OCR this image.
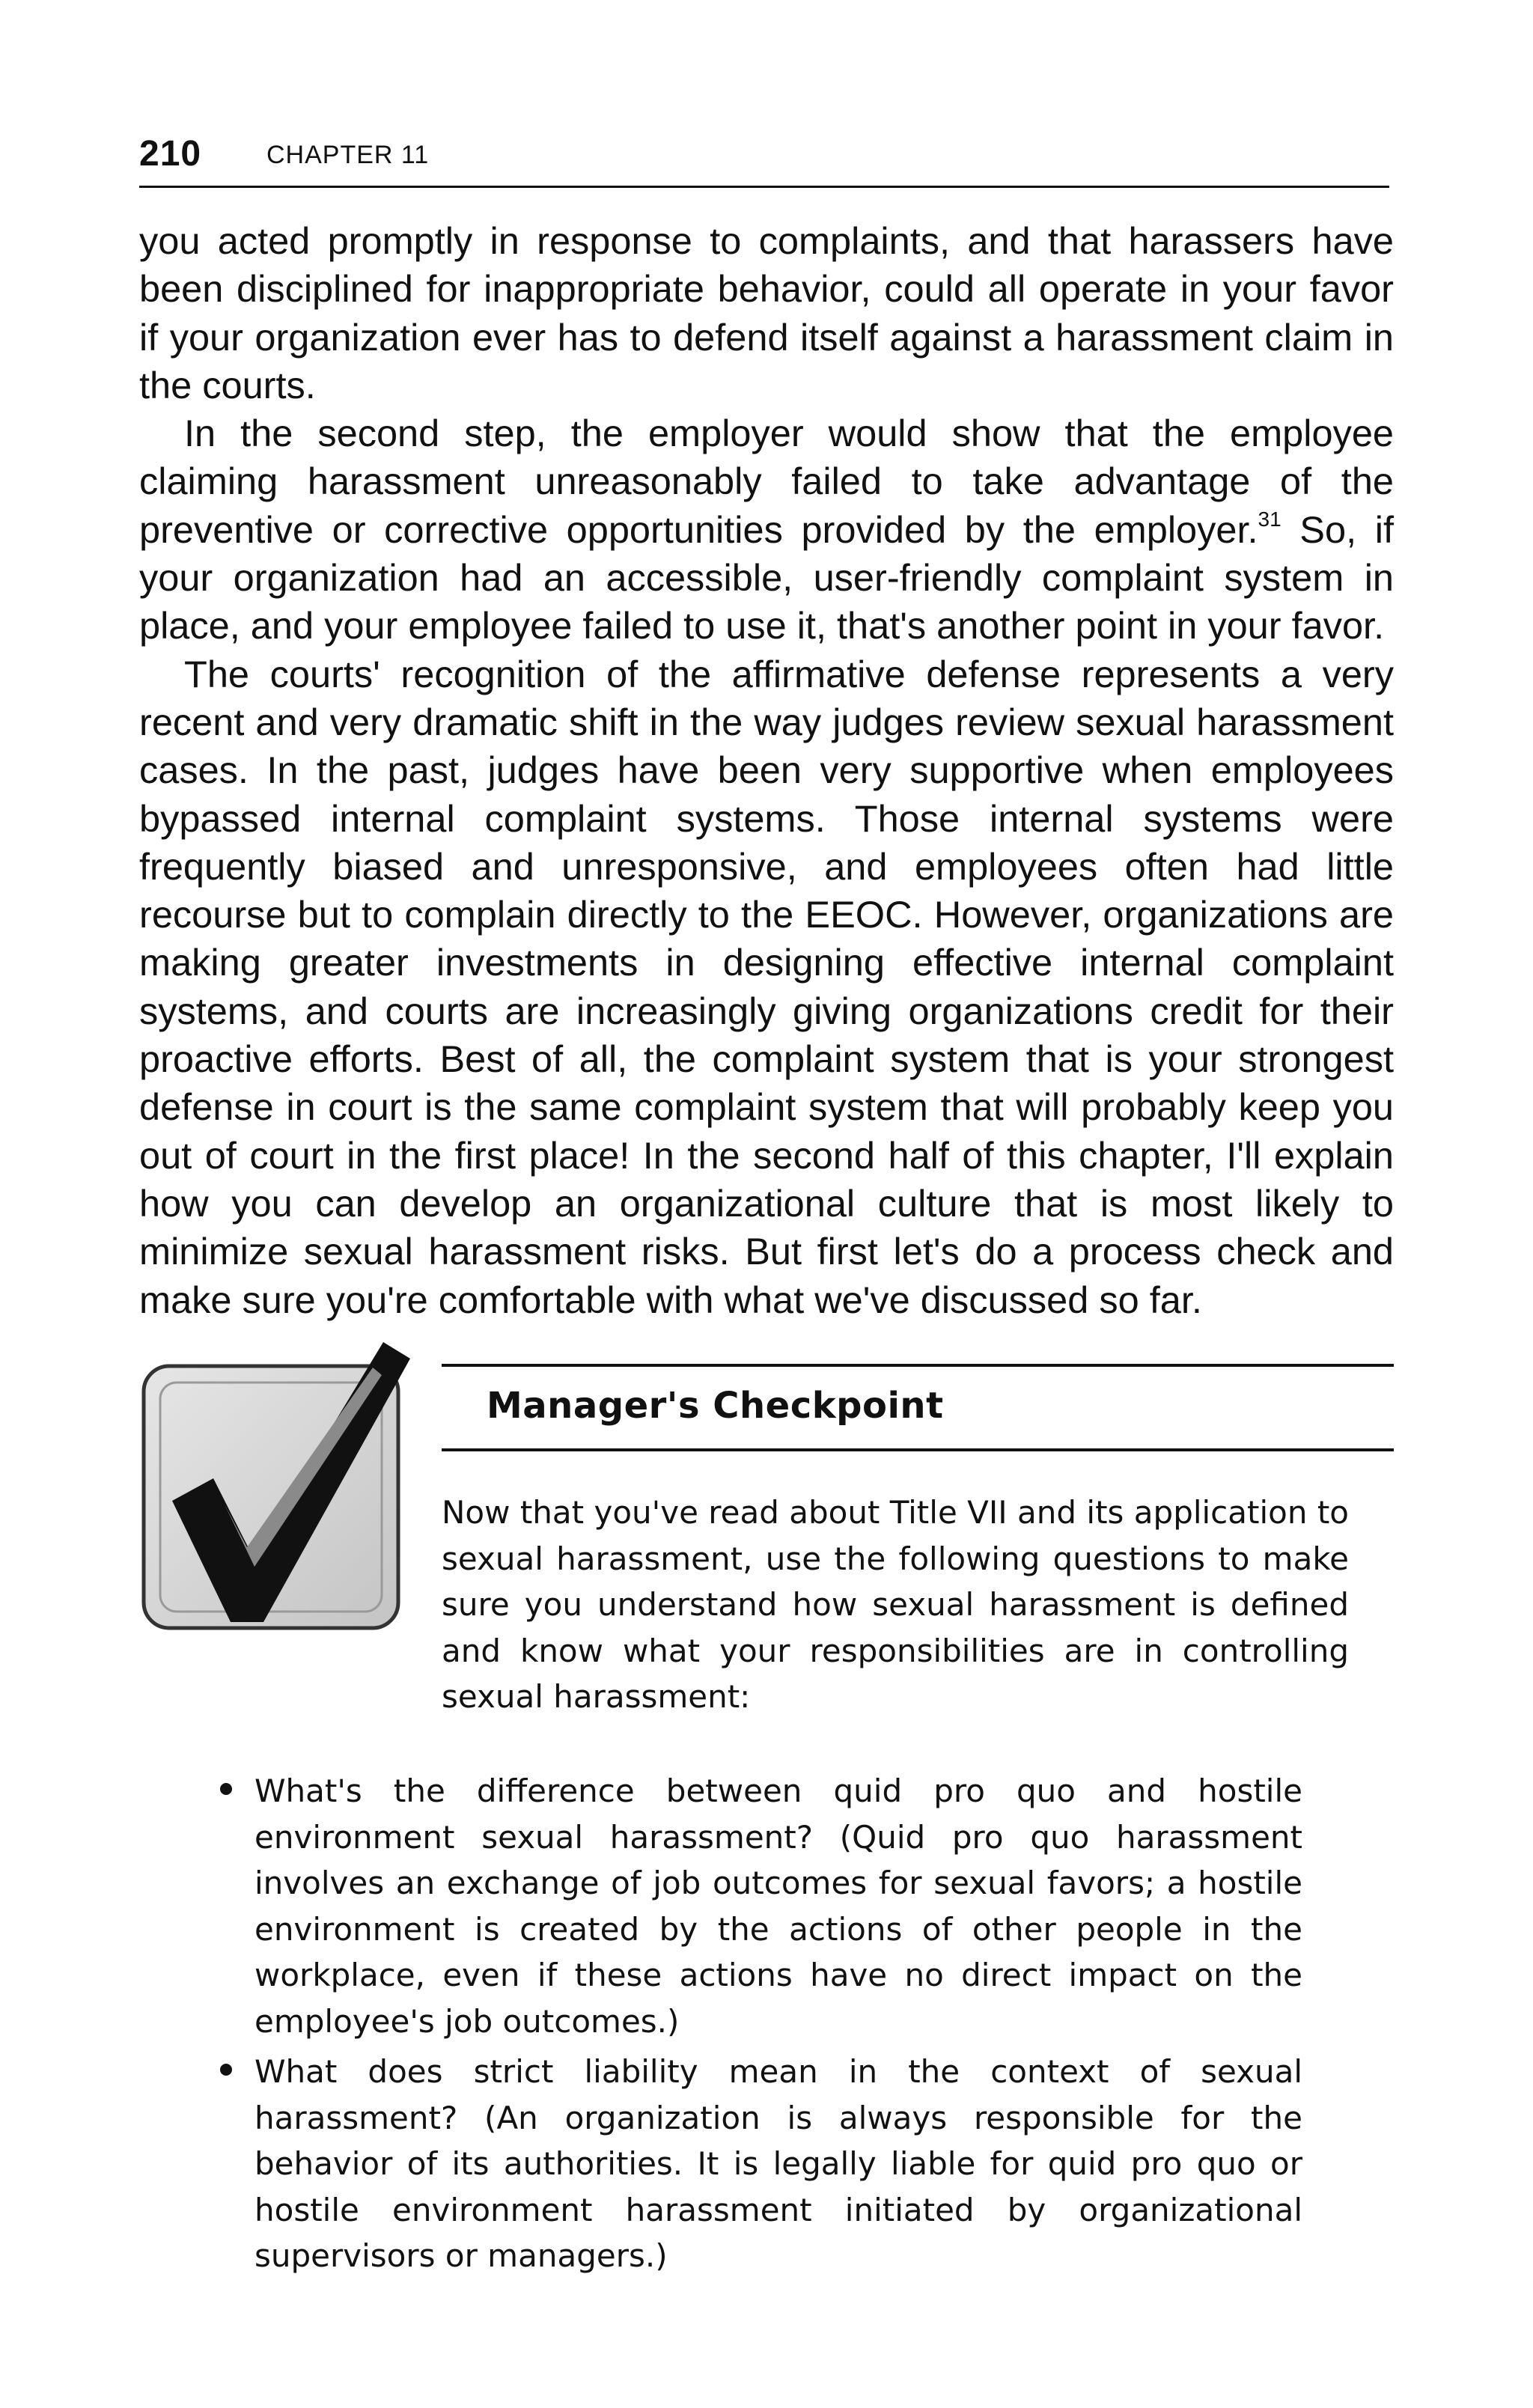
210	CHAPTER 11

you acted promptly in response to complaints, and that harassers have been disciplined for inappropriate behavior, could all operate in your favor if your organization ever has to defend itself against a harassment claim in the courts.

In the second step, the employer would show that the employee claiming harassment unreasonably failed to take advantage of the preventive or corrective opportunities provided by the employer.$^{31}$ So, if your organization had an accessible, user-friendly complaint system in place, and your employee failed to use it, that's another point in your favor.

The courts' recognition of the affirmative defense represents a very recent and very dramatic shift in the way judges review sexual harassment cases. In the past, judges have been very supportive when employees bypassed internal complaint systems. Those internal systems were frequently biased and unresponsive, and employees often had little recourse but to complain directly to the EEOC. However, organizations are making greater investments in designing effective internal complaint systems, and courts are increasingly giving organizations credit for their proactive efforts. Best of all, the complaint system that is your strongest defense in court is the same complaint system that will probably keep you out of court in the first place! In the second half of this chapter, I'll explain how you can develop an organizational culture that is most likely to minimize sexual harassment risks. But first let's do a process check and make sure you're comfortable with what we've discussed so far.

Manager's Checkpoint

Now that you've read about Title VII and its application to sexual harassment, use the following questions to make sure you understand how sexual harassment is defined and know what your responsibilities are in controlling sexual harassment:

What's the difference between quid pro quo and hostile environment sexual harassment? (Quid pro quo harassment involves an exchange of job outcomes for sexual favors; a hostile environment is created by the actions of other people in the workplace, even if these actions have no direct impact on the employee's job outcomes.)
What does strict liability mean in the context of sexual harassment? (An organization is always responsible for the behavior of its authorities. It is legally liable for quid pro quo or hostile environment harassment initiated by organizational supervisors or managers.)
